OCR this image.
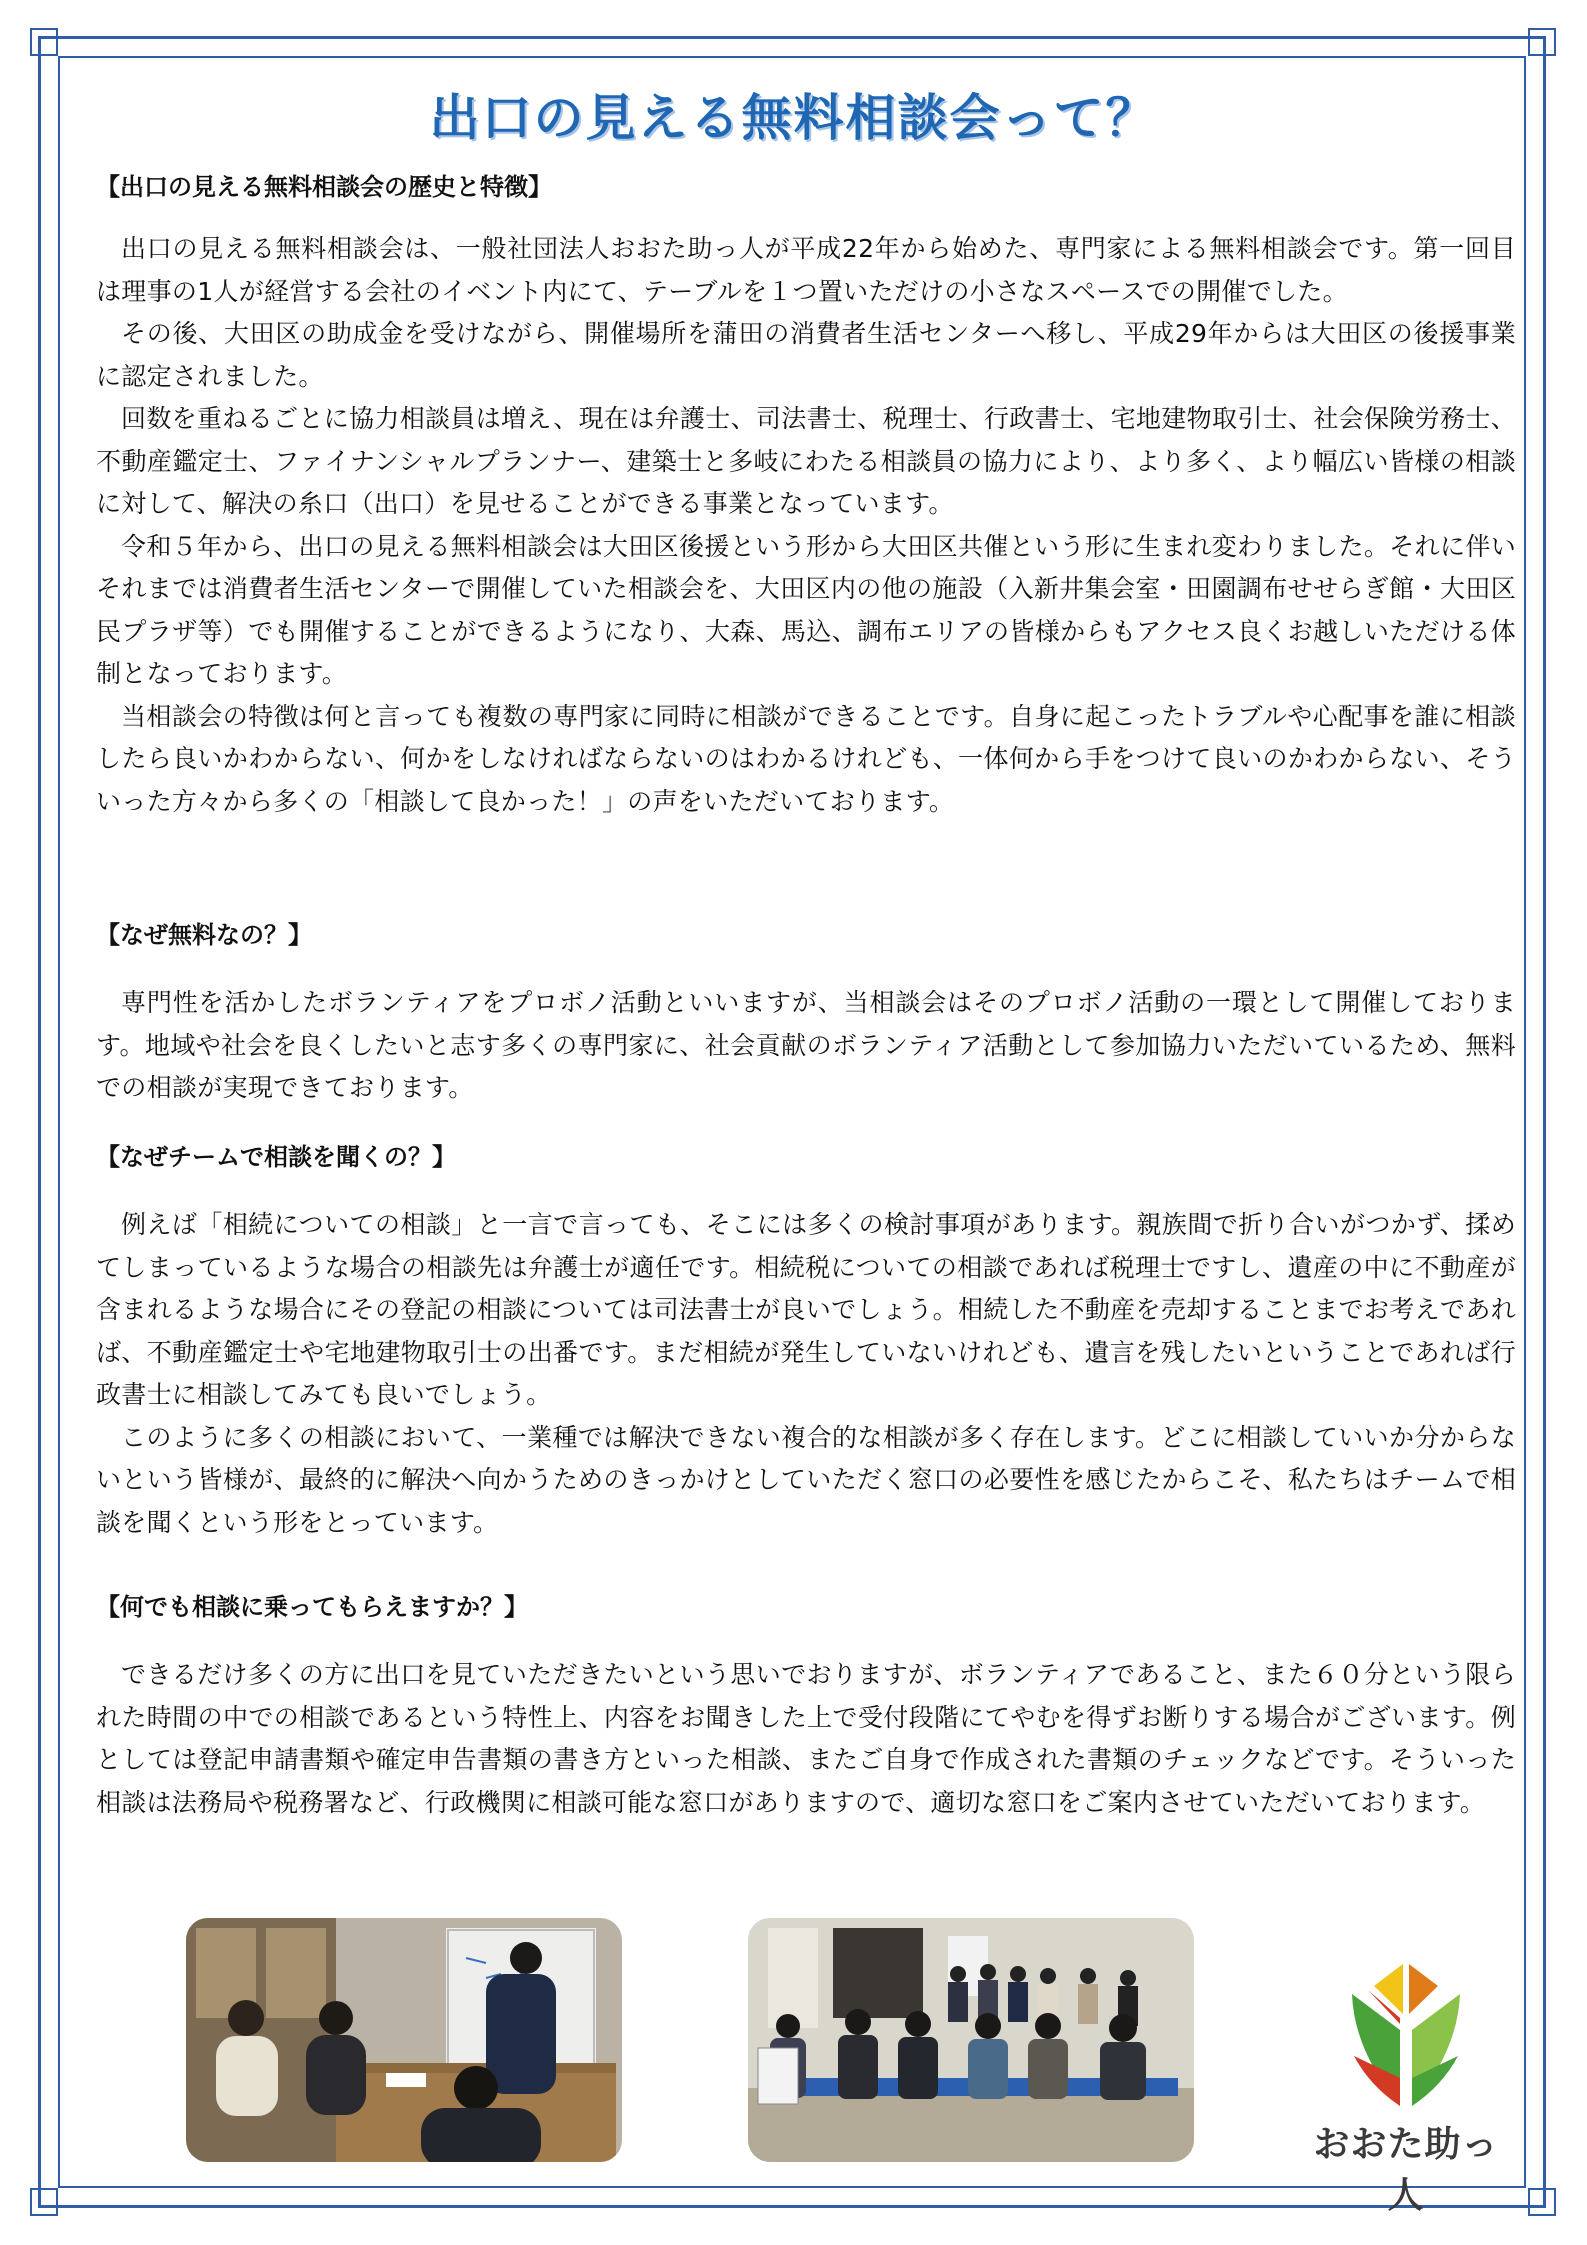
出口の見える無料相談会って？
【出口の見える無料相談会の歴史と特徴】

出口の見える無料相談会は、一般社団法人おおた助っ人が平成22年から始めた、専門家による無料相談会です。第一回目は理事の1人が経営する会社のイベント内にて、テーブルを１つ置いただけの小さなスペースでの開催でした。

その後、大田区の助成金を受けながら、開催場所を蒲田の消費者生活センターへ移し、平成29年からは大田区の後援事業に認定されました。

回数を重ねるごとに協力相談員は増え、現在は弁護士、司法書士、税理士、行政書士、宅地建物取引士、社会保険労務士、不動産鑑定士、ファイナンシャルプランナー、建築士と多岐にわたる相談員の協力により、より多く、より幅広い皆様の相談に対して、解決の糸口（出口）を見せることができる事業となっています。

令和５年から、出口の見える無料相談会は大田区後援という形から大田区共催という形に生まれ変わりました。それに伴いそれまでは消費者生活センターで開催していた相談会を、大田区内の他の施設（入新井集会室・田園調布せせらぎ館・大田区民プラザ等）でも開催することができるようになり、大森、馬込、調布エリアの皆様からもアクセス良くお越しいただける体制となっております。

当相談会の特徴は何と言っても複数の専門家に同時に相談ができることです。自身に起こったトラブルや心配事を誰に相談したら良いかわからない、何かをしなければならないのはわかるけれども、一体何から手をつけて良いのかわからない、そういった方々から多くの「相談して良かった！」の声をいただいております。

【なぜ無料なの？】

専門性を活かしたボランティアをプロボノ活動といいますが、当相談会はそのプロボノ活動の一環として開催しております。地域や社会を良くしたいと志す多くの専門家に、社会貢献のボランティア活動として参加協力いただいているため、無料での相談が実現できております。

【なぜチームで相談を聞くの？】

例えば「相続についての相談」と一言で言っても、そこには多くの検討事項があります。親族間で折り合いがつかず、揉めてしまっているような場合の相談先は弁護士が適任です。相続税についての相談であれば税理士ですし、遺産の中に不動産が含まれるような場合にその登記の相談については司法書士が良いでしょう。相続した不動産を売却することまでお考えであれば、不動産鑑定士や宅地建物取引士の出番です。まだ相続が発生していないけれども、遺言を残したいということであれば行政書士に相談してみても良いでしょう。

このように多くの相談において、一業種では解決できない複合的な相談が多く存在します。どこに相談していいか分からないという皆様が、最終的に解決へ向かうためのきっかけとしていただく窓口の必要性を感じたからこそ、私たちはチームで相談を聞くという形をとっています。

【何でも相談に乗ってもらえますか？】

できるだけ多くの方に出口を見ていただきたいという思いでおりますが、ボランティアであること、また６０分という限られた時間の中での相談であるという特性上、内容をお聞きした上で受付段階にてやむを得ずお断りする場合がございます。例としては登記申請書類や確定申告書類の書き方といった相談、またご自身で作成された書類のチェックなどです。そういった相談は法務局や税務署など、行政機関に相談可能な窓口がありますので、適切な窓口をご案内させていただいております。

おおた助っ人
